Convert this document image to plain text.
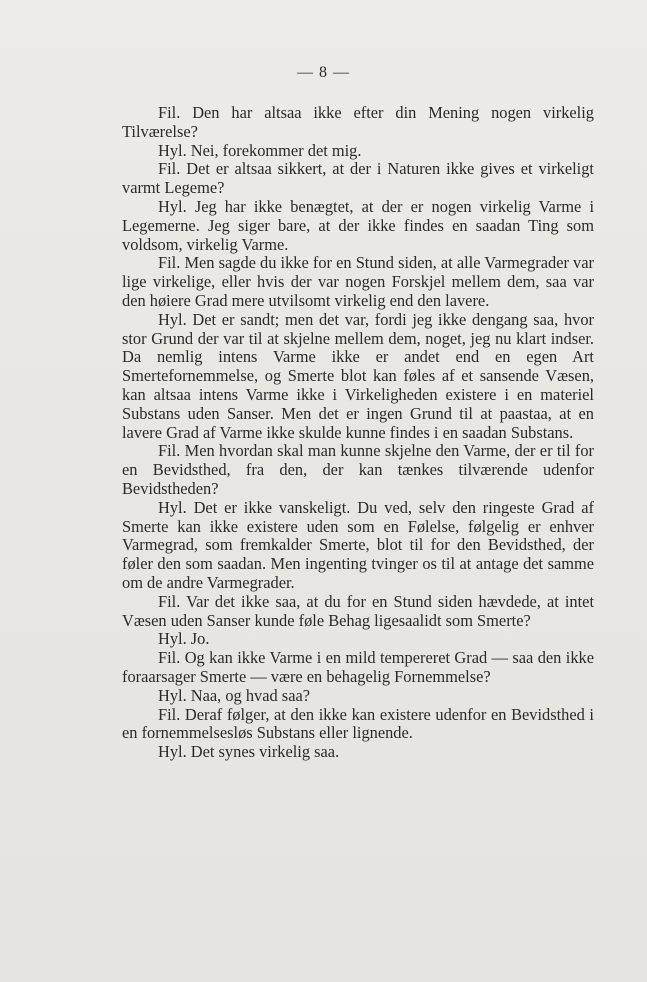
— 8 —

Fil. Den har altsaa ikke efter din Mening nogen virkelig Tilværelse?

Hyl. Nei, forekommer det mig.

Fil. Det er altsaa sikkert, at der i Naturen ikke gives et virkeligt varmt Legeme?

Hyl. Jeg har ikke benægtet, at der er nogen virkelig Varme i Legemerne. Jeg siger bare, at der ikke findes en saadan Ting som voldsom, virkelig Varme.

Fil. Men sagde du ikke for en Stund siden, at alle Varmegrader var lige virkelige, eller hvis der var nogen Forskjel mellem dem, saa var den høiere Grad mere utvilsomt virkelig end den lavere.

Hyl. Det er sandt; men det var, fordi jeg ikke dengang saa, hvor stor Grund der var til at skjelne mellem dem, noget, jeg nu klart indser. Da nemlig intens Varme ikke er andet end en egen Art Smertefornemmelse, og Smerte blot kan føles af et sansende Væsen, kan altsaa intens Varme ikke i Virkeligheden existere i en materiel Substans uden Sanser. Men det er ingen Grund til at paastaa, at en lavere Grad af Varme ikke skulde kunne findes i en saadan Substans.

Fil. Men hvordan skal man kunne skjelne den Varme, der er til for en Bevidsthed, fra den, der kan tænkes tilværende udenfor Bevidstheden?

Hyl. Det er ikke vanskeligt. Du ved, selv den ringeste Grad af Smerte kan ikke existere uden som en Følelse, følgelig er enhver Varmegrad, som fremkalder Smerte, blot til for den Bevidsthed, der føler den som saadan. Men ingenting tvinger os til at antage det samme om de andre Varmegrader.

Fil. Var det ikke saa, at du for en Stund siden hævdede, at intet Væsen uden Sanser kunde føle Behag ligesaalidt som Smerte?

Hyl. Jo.

Fil. Og kan ikke Varme i en mild tempereret Grad — saa den ikke foraarsager Smerte — være en behagelig Fornemmelse?

Hyl. Naa, og hvad saa?

Fil. Deraf følger, at den ikke kan existere udenfor en Bevidsthed i en fornemmelsesløs Substans eller lignende.

Hyl. Det synes virkelig saa.
